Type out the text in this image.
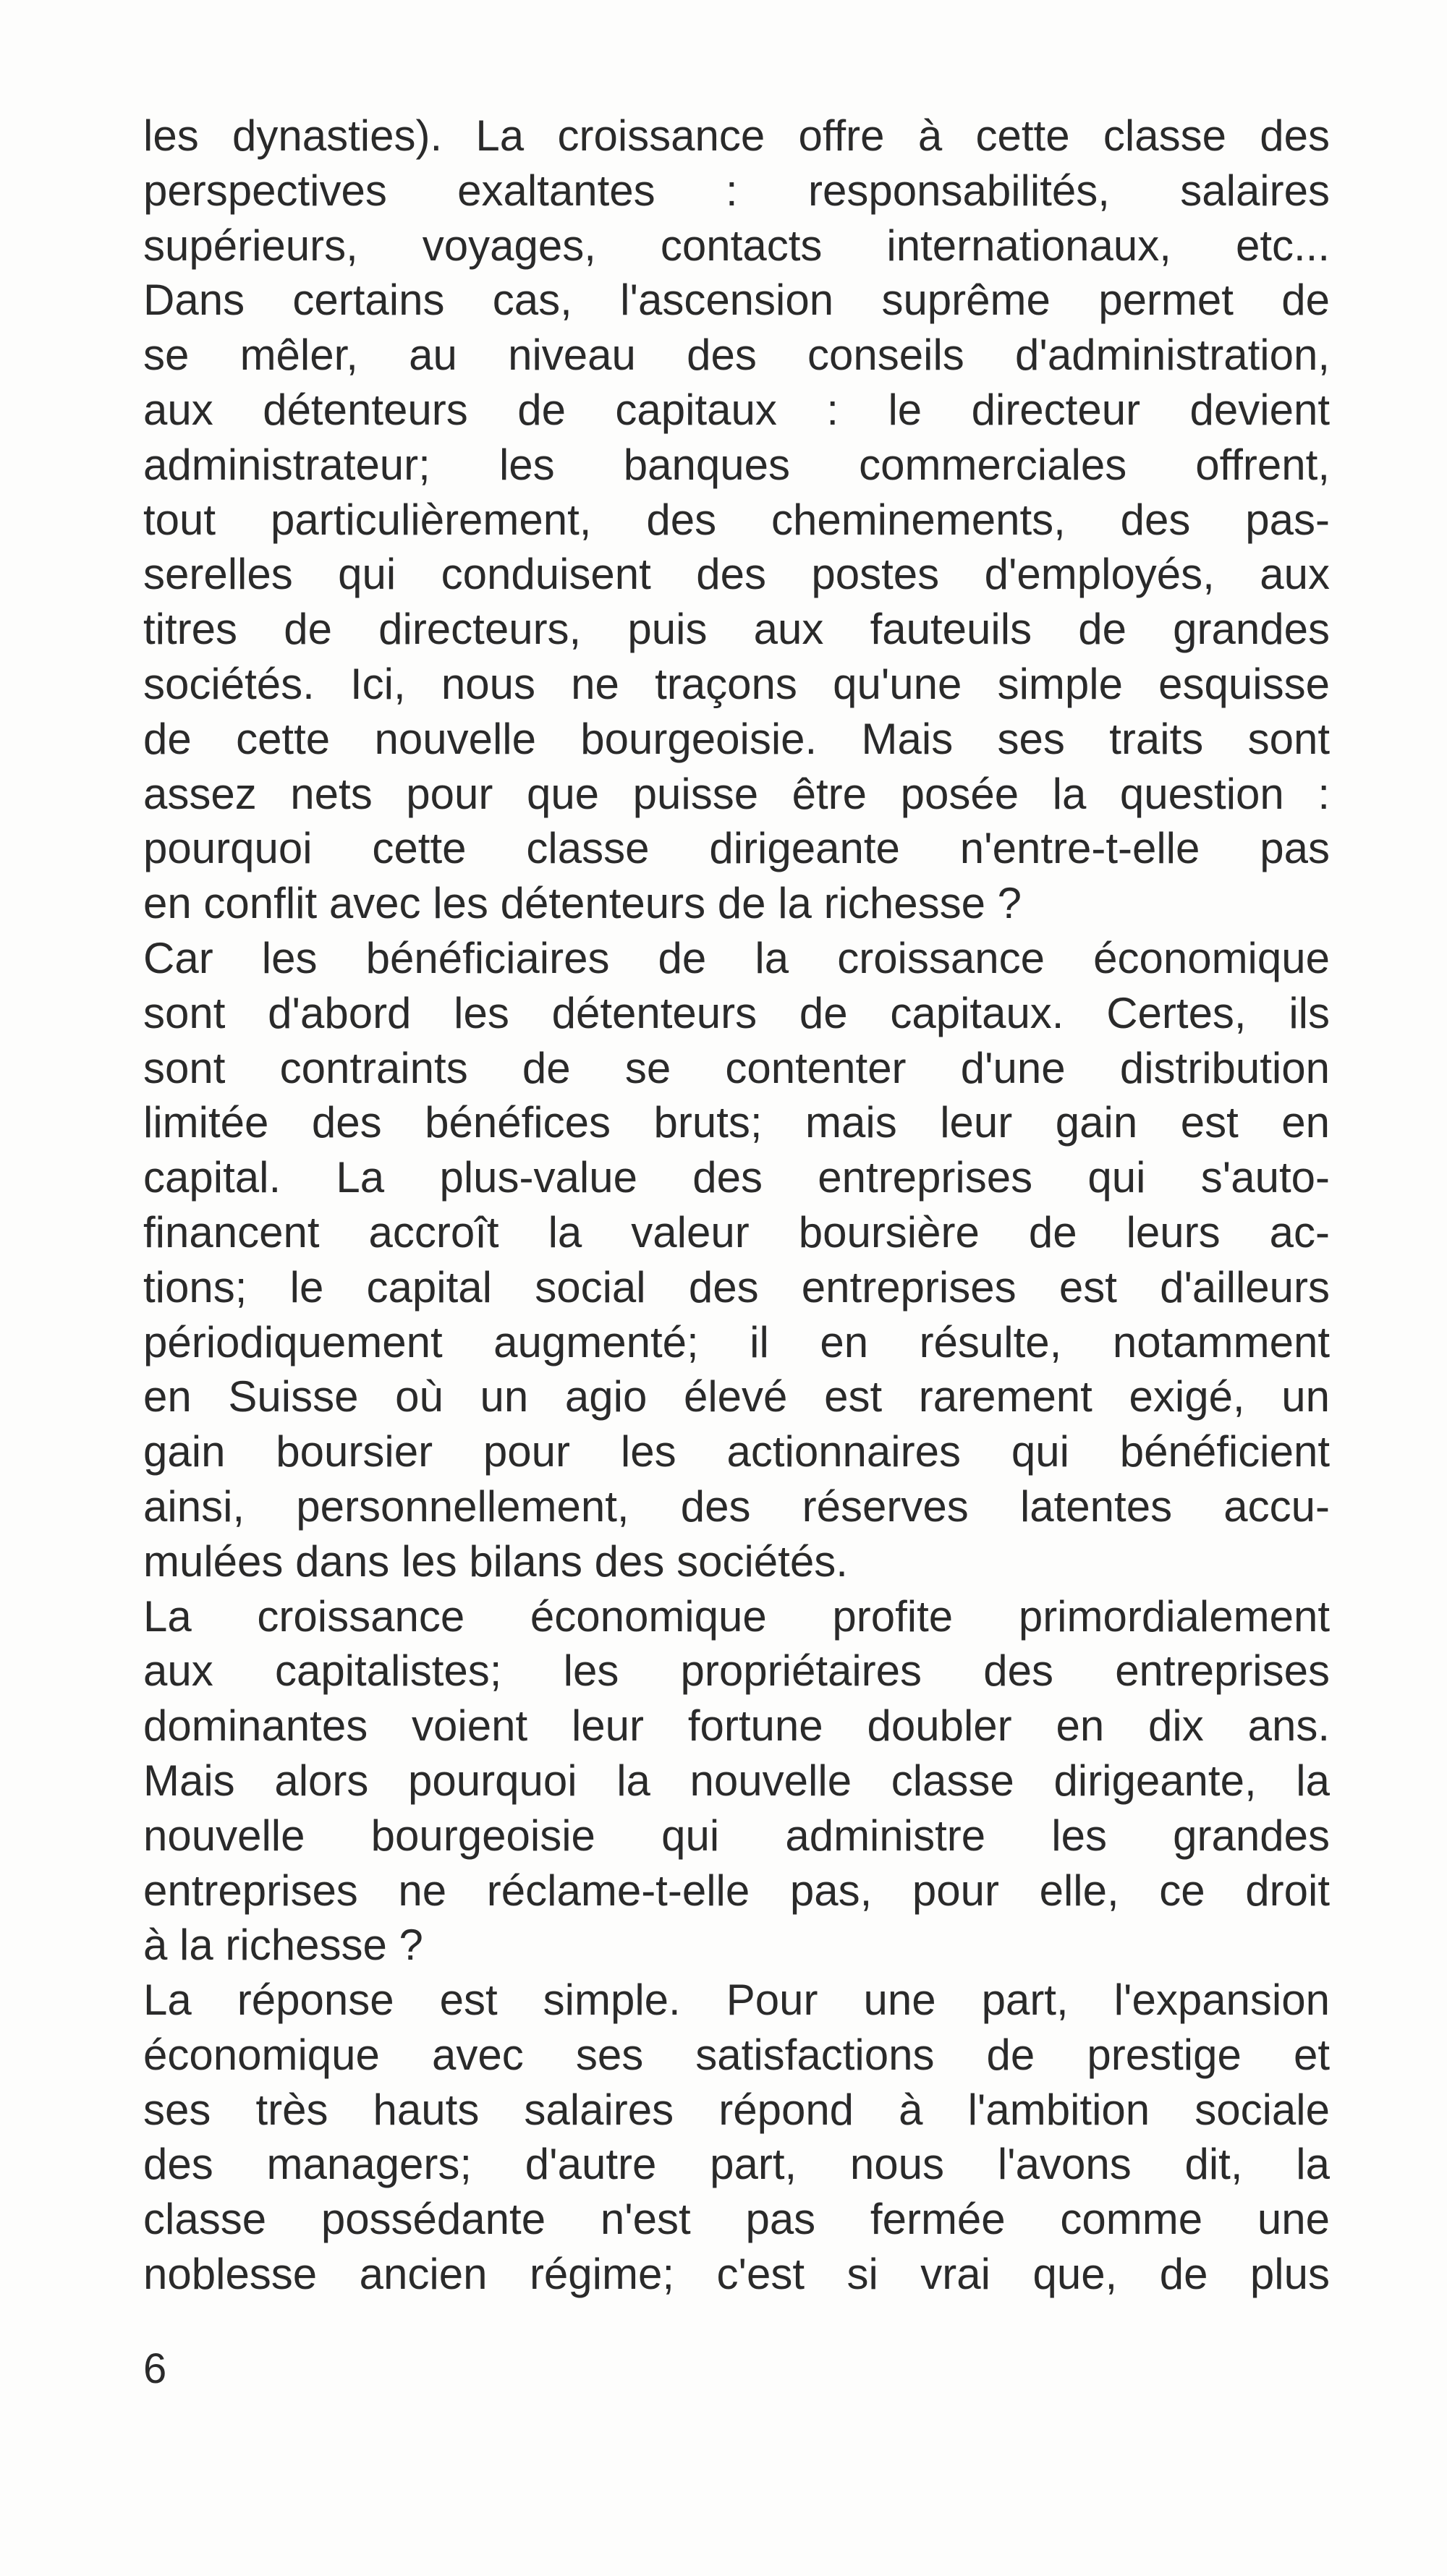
les dynasties). La croissance offre à cette classe des
perspectives exaltantes : responsabilités, salaires
supérieurs, voyages, contacts internationaux, etc...
Dans certains cas, l'ascension suprême permet de
se mêler, au niveau des conseils d'administration,
aux détenteurs de capitaux : le directeur devient
administrateur; les banques commerciales offrent,
tout particulièrement, des cheminements, des pas-
serelles qui conduisent des postes d'employés, aux
titres de directeurs, puis aux fauteuils de grandes
sociétés. Ici, nous ne traçons qu'une simple esquisse
de cette nouvelle bourgeoisie. Mais ses traits sont
assez nets pour que puisse être posée la question :
pourquoi cette classe dirigeante n'entre-t-elle pas
en conflit avec les détenteurs de la richesse ?
Car les bénéficiaires de la croissance économique
sont d'abord les détenteurs de capitaux. Certes, ils
sont contraints de se contenter d'une distribution
limitée des bénéfices bruts; mais leur gain est en
capital. La plus-value des entreprises qui s'auto-
financent accroît la valeur boursière de leurs ac-
tions; le capital social des entreprises est d'ailleurs
périodiquement augmenté; il en résulte, notamment
en Suisse où un agio élevé est rarement exigé, un
gain boursier pour les actionnaires qui bénéficient
ainsi, personnellement, des réserves latentes accu-
mulées dans les bilans des sociétés.
La croissance économique profite primordialement
aux capitalistes; les propriétaires des entreprises
dominantes voient leur fortune doubler en dix ans.
Mais alors pourquoi la nouvelle classe dirigeante, la
nouvelle bourgeoisie qui administre les grandes
entreprises ne réclame-t-elle pas, pour elle, ce droit
à la richesse ?
La réponse est simple. Pour une part, l'expansion
économique avec ses satisfactions de prestige et
ses très hauts salaires répond à l'ambition sociale
des managers; d'autre part, nous l'avons dit, la
classe possédante n'est pas fermée comme une
noblesse ancien régime; c'est si vrai que, de plus
6
